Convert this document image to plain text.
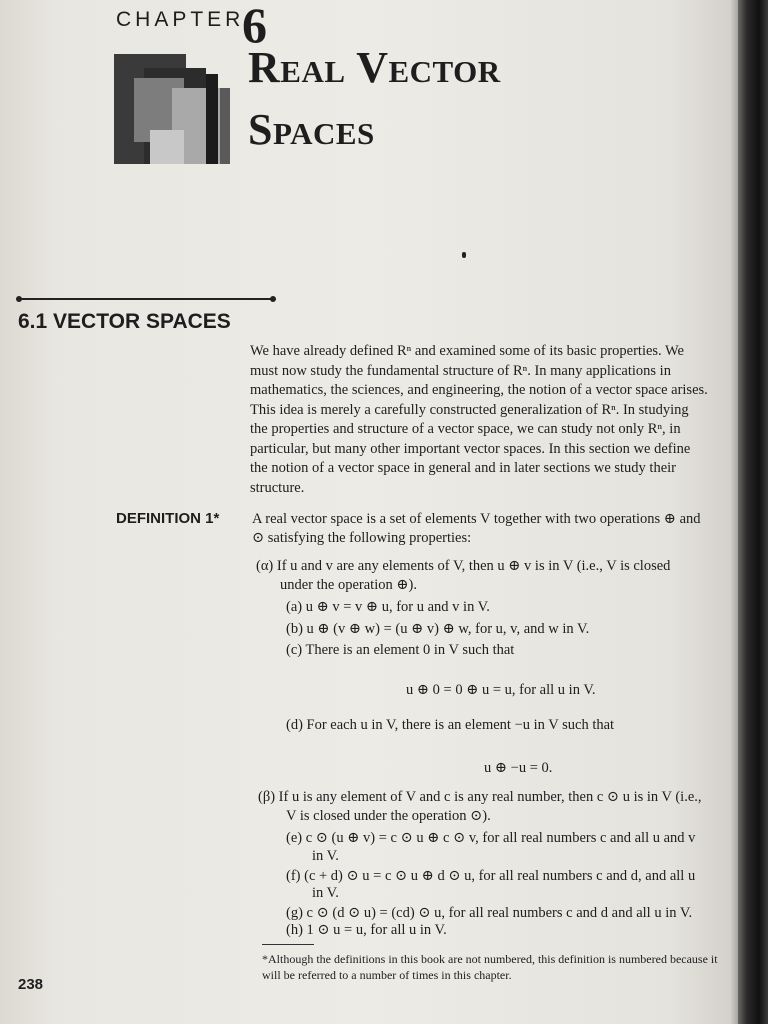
CHAPTER
6
Real Vector
Spaces
6.1 VECTOR SPACES

We have already defined Rⁿ and examined some of its basic properties. We

must now study the fundamental structure of Rⁿ. In many applications in

mathematics, the sciences, and engineering, the notion of a vector space arises.

This idea is merely a carefully constructed generalization of Rⁿ. In studying

the properties and structure of a vector space, we can study not only Rⁿ, in

particular, but many other important vector spaces. In this section we define

the notion of a vector space in general and in later sections we study their

structure.

DEFINITION 1* A real vector space is a set of elements V together with two operations ⊕ and
⊙ satisfying the following properties:
(α) If u and v are any elements of V, then u ⊕ v is in V (i.e., V is closed
under the operation ⊕).
(a) u ⊕ v = v ⊕ u, for u and v in V.
(b) u ⊕ (v ⊕ w) = (u ⊕ v) ⊕ w, for u, v, and w in V.
(c) There is an element 0 in V such that
u ⊕ 0 = 0 ⊕ u = u, for all u in V.
(d) For each u in V, there is an element −u in V such that
u ⊕ −u = 0.
(β) If u is any element of V and c is any real number, then c ⊙ u is in V (i.e.,
V is closed under the operation ⊙).
(e) c ⊙ (u ⊕ v) = c ⊙ u ⊕ c ⊙ v, for all real numbers c and all u and v
in V.
(f) (c + d) ⊙ u = c ⊙ u ⊕ d ⊙ u, for all real numbers c and d, and all u
in V.
(g) c ⊙ (d ⊙ u) = (cd) ⊙ u, for all real numbers c and d and all u in V.
(h) 1 ⊙ u = u, for all u in V.
*Although the definitions in this book are not numbered, this definition is numbered because it
will be referred to a number of times in this chapter.
238
